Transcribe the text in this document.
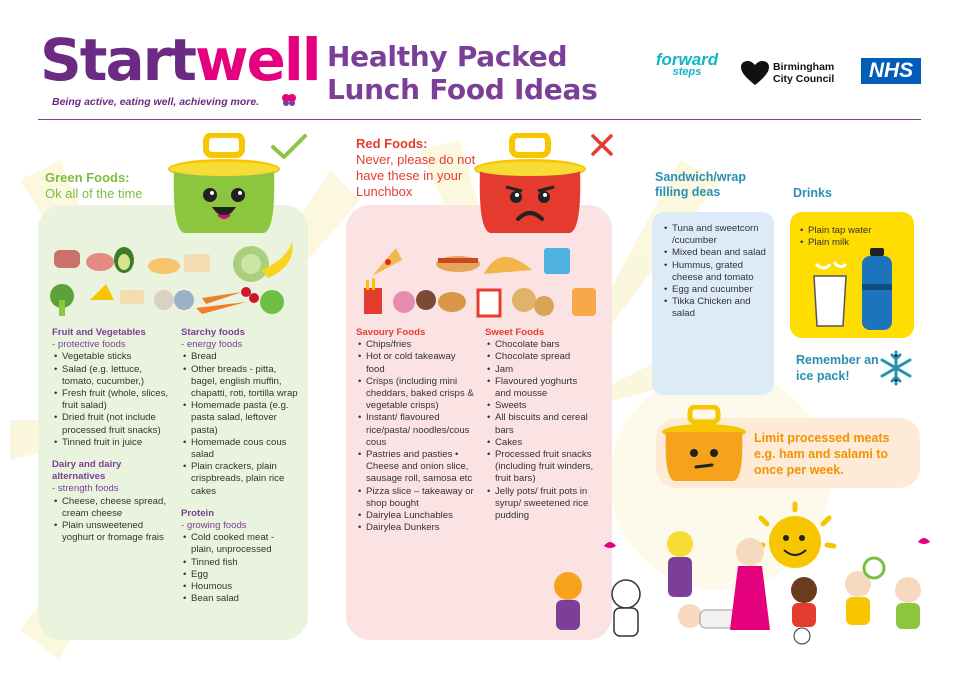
Startwell
Being active, eating well, achieving more.
Healthy Packed
Lunch Food Ideas
forward
steps	Birmingham
City Council	NHS
Green Foods:
Ok all of the time
Fruit and Vegetables
- protective foods
• Vegetable sticks
• Salad (e.g. lettuce, tomato, cucumber,)
• Fresh fruit (whole, slices, fruit salad)
• Dried fruit (not include processed fruit snacks)
• Tinned fruit in juice
Dairy and dairy alternatives
- strength foods
• Cheese, cheese spread, cream cheese
• Plain unsweetened yoghurt or fromage frais
Starchy foods
- energy foods
• Bread
• Other breads - pitta, bagel, english muffin, chapatti, roti, tortilla wrap
• Homemade pasta (e.g. pasta salad, leftover pasta)
• Homemade cous cous salad
• Plain crackers, plain crispbreads, plain rice cakes
Protein
- growing foods
• Cold cooked meat - plain, unprocessed
• Tinned fish
• Egg
• Houmous
• Bean salad
Red Foods:
Never, please do not have these in your Lunchbox
Savoury Foods
• Chips/fries
• Hot or cold takeaway food
• Crisps (including mini cheddars, baked crisps & vegetable crisps)
• Instant/ flavoured rice/pasta/ noodles/cous cous
• Pastries and pasties • Cheese and onion slice, sausage roll, samosa etc
• Pizza slice – takeaway or shop bought
• Dairylea Lunchables
• Dairylea Dunkers
Sweet Foods
• Chocolate bars
• Chocolate spread
• Jam
• Flavoured yoghurts and mousse
• Sweets
• All biscuits and cereal bars
• Cakes
• Processed fruit snacks (including fruit winders, fruit bars)
• Jelly pots/ fruit pots in syrup/ sweetened rice pudding
Sandwich/wrap filling deas
• Tuna and sweetcorn /cucumber
• Mixed bean and salad
• Hummus, grated cheese and tomato
• Egg and cucumber
• Tikka Chicken and salad
Drinks
• Plain tap water
• Plain milk
Remember an ice pack!
Limit processed meats e.g. ham and salami to once per week.
